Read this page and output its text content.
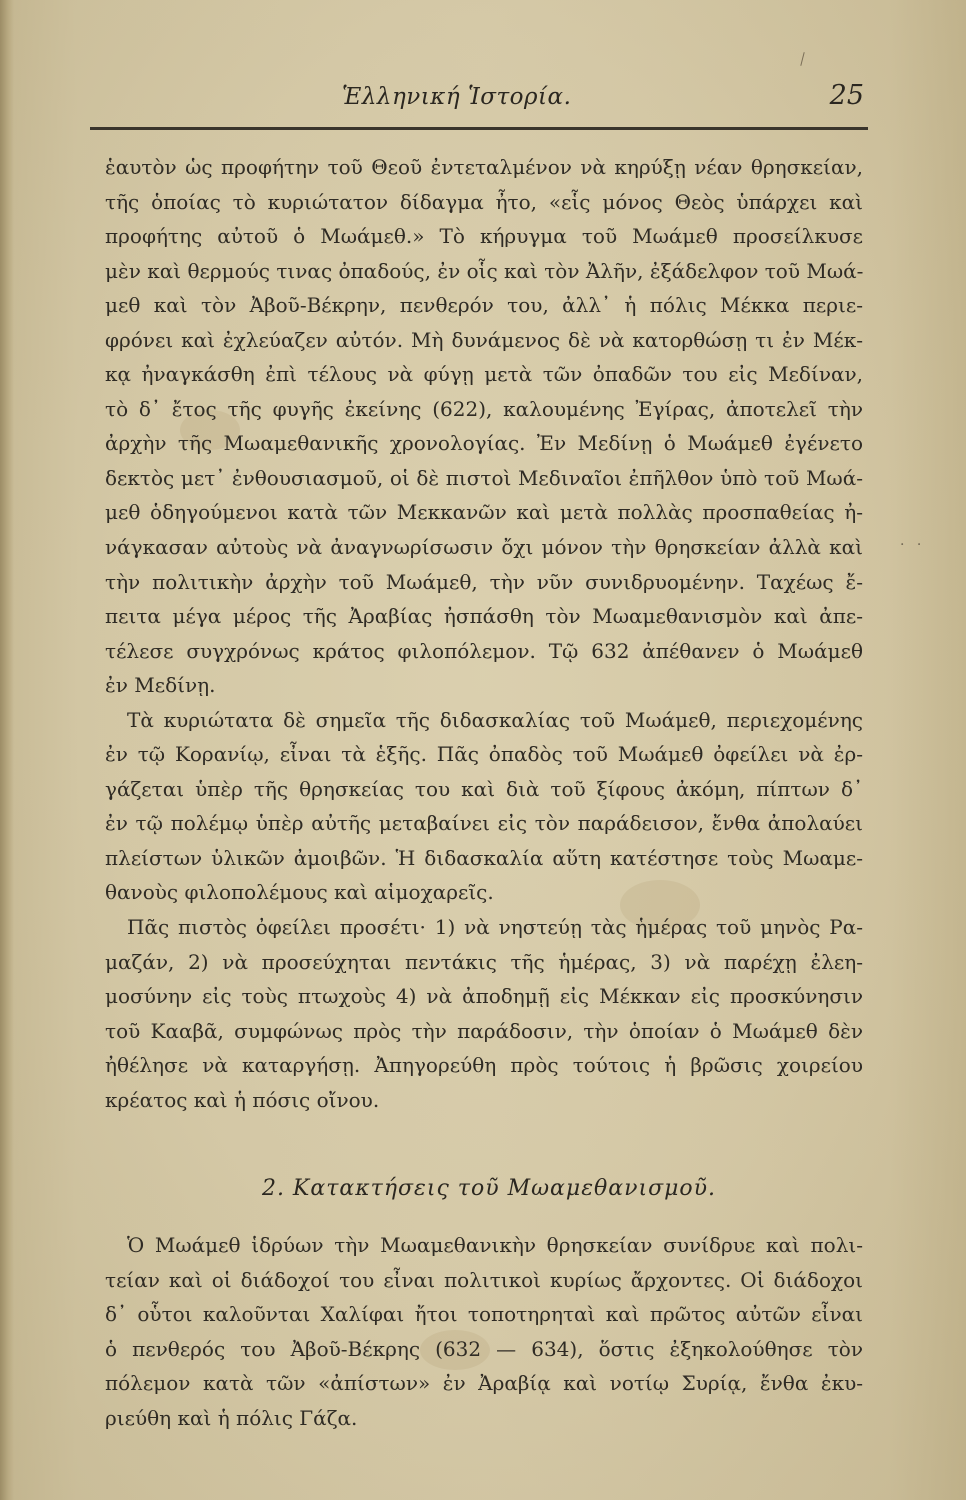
Ἑλληνική Ἱστορία.	25
· ·
ἑαυτὸν ὡς προφήτην τοῦ Θεοῦ ἐντεταλμένον νὰ κηρύξῃ νέαν θρησκείαν,
τῆς ὁποίας τὸ κυριώτατον δίδαγμα ἦτο, «εἷς μόνος Θεὸς ὑπάρχει καὶ
προφήτης αὐτοῦ ὁ Μωάμεθ.» Τὸ κήρυγμα τοῦ Μωάμεθ προσείλκυσε
μὲν καὶ θερμούς τινας ὀπαδούς, ἐν οἷς καὶ τὸν Ἀλῆν, ἐξάδελφον τοῦ Μωά-
μεθ καὶ τὸν Ἀβοῦ-Βέκρην, πενθερόν του, ἀλλ᾿ ἡ πόλις Μέκκα περιε-
φρόνει καὶ ἐχλεύαζεν αὐτόν. Μὴ δυνάμενος δὲ νὰ κατορθώσῃ τι ἐν Μέκ-
κᾳ ἠναγκάσθη ἐπὶ τέλους νὰ φύγῃ μετὰ τῶν ὀπαδῶν του εἰς Μεδίναν,
τὸ δ᾿ ἔτος τῆς φυγῆς ἐκείνης (622), καλουμένης Ἐγίρας, ἀποτελεῖ τὴν
ἀρχὴν τῆς Μωαμεθανικῆς χρονολογίας. Ἐν Μεδίνῃ ὁ Μωάμεθ ἐγένετο
δεκτὸς μετ᾿ ἐνθουσιασμοῦ, οἱ δὲ πιστοὶ Μεδιναῖοι ἐπῆλθον ὑπὸ τοῦ Μωά-
μεθ ὁδηγούμενοι κατὰ τῶν Μεκκανῶν καὶ μετὰ πολλὰς προσπαθείας ἠ-
νάγκασαν αὐτοὺς νὰ ἀναγνωρίσωσιν ὄχι μόνον τὴν θρησκείαν ἀλλὰ καὶ
τὴν πολιτικὴν ἀρχὴν τοῦ Μωάμεθ, τὴν νῦν συνιδρυομένην. Ταχέως ἔ-
πειτα μέγα μέρος τῆς Ἀραβίας ἠσπάσθη τὸν Μωαμεθανισμὸν καὶ ἀπε-
τέλεσε συγχρόνως κράτος φιλοπόλεμον. Τῷ 632 ἀπέθανεν ὁ Μωάμεθ
ἐν Μεδίνῃ.
Τὰ κυριώτατα δὲ σημεῖα τῆς διδασκαλίας τοῦ Μωάμεθ, περιεχομένης
ἐν τῷ Κορανίῳ, εἶναι τὰ ἑξῆς. Πᾶς ὀπαδὸς τοῦ Μωάμεθ ὀφείλει νὰ ἐρ-
γάζεται ὑπὲρ τῆς θρησκείας του καὶ διὰ τοῦ ξίφους ἀκόμη, πίπτων δ᾿
ἐν τῷ πολέμῳ ὑπὲρ αὐτῆς μεταβαίνει εἰς τὸν παράδεισον, ἔνθα ἀπολαύει
πλείστων ὑλικῶν ἀμοιβῶν. Ἡ διδασκαλία αὕτη κατέστησε τοὺς Μωαμε-
θανοὺς φιλοπολέμους καὶ αἱμοχαρεῖς.
Πᾶς πιστὸς ὀφείλει προσέτι· 1) νὰ νηστεύῃ τὰς ἡμέρας τοῦ μηνὸς Ρα-
μαζάν, 2) νὰ προσεύχηται πεντάκις τῆς ἡμέρας, 3) νὰ παρέχῃ ἐλεη-
μοσύνην εἰς τοὺς πτωχοὺς 4) νὰ ἀποδημῇ εἰς Μέκκαν εἰς προσκύνησιν
τοῦ Κααβᾶ, συμφώνως πρὸς τὴν παράδοσιν, τὴν ὁποίαν ὁ Μωάμεθ δὲν
ἠθέλησε νὰ καταργήσῃ. Ἀπηγορεύθη πρὸς τούτοις ἡ βρῶσις χοιρείου
κρέατος καὶ ἡ πόσις οἴνου.
2. Κατακτήσεις τοῦ Μωαμεθανισμοῦ.
Ὁ Μωάμεθ ἱδρύων τὴν Μωαμεθανικὴν θρησκείαν συνίδρυε καὶ πολι-
τείαν καὶ οἱ διάδοχοί του εἶναι πολιτικοὶ κυρίως ἄρχοντες. Οἱ διάδοχοι
δ᾿ οὗτοι καλοῦνται Χαλίφαι ἤτοι τοποτηρηταὶ καὶ πρῶτος αὐτῶν εἶναι
ὁ πενθερός του Ἀβοῦ-Βέκρης (632 — 634), ὅστις ἐξηκολούθησε τὸν
πόλεμον κατὰ τῶν «ἀπίστων» ἐν Ἀραβίᾳ καὶ νοτίῳ Συρίᾳ, ἔνθα ἐκυ-
ριεύθη καὶ ἡ πόλις Γάζα.
